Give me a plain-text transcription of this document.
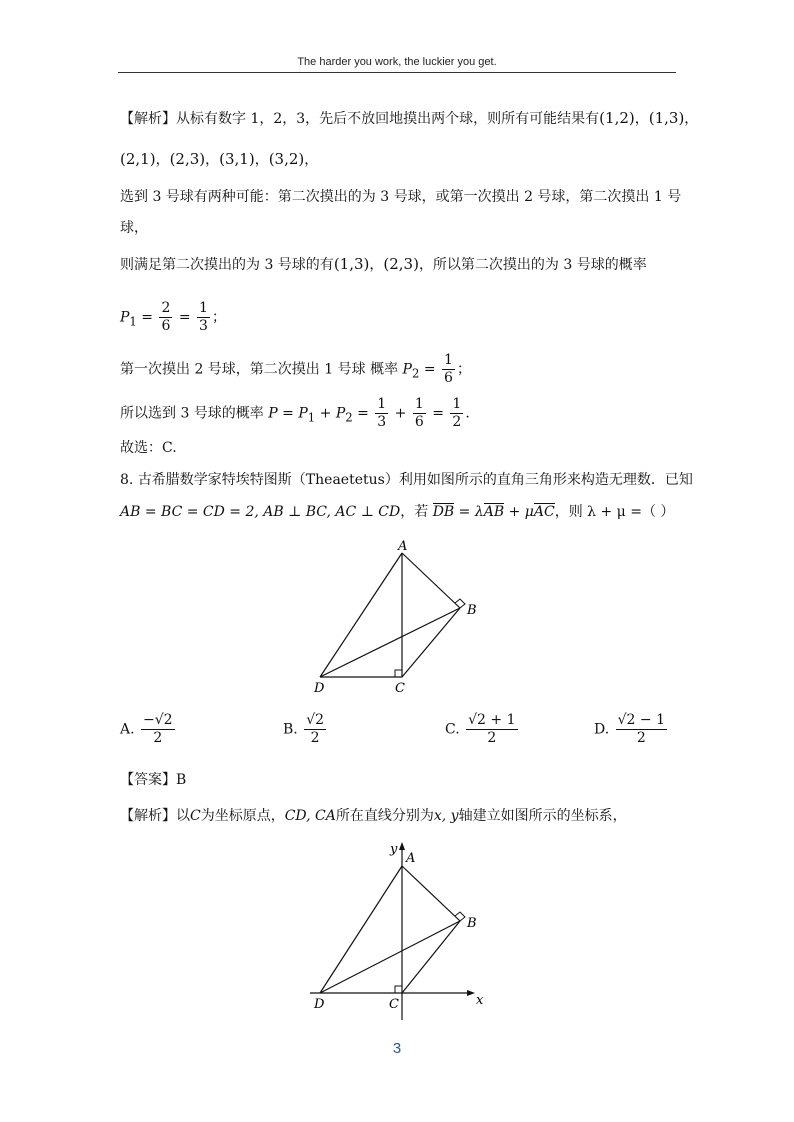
The harder you work, the luckier you get.
【解析】从标有数字 1，2，3，先后不放回地摸出两个球，则所有可能结果有(1,2)，(1,3)，
(2,1)，(2,3)，(3,1)，(3,2)，
选到 3 号球有两种可能：第二次摸出的为 3 号球，或第一次摸出 2 号球，第二次摸出 1 号
球，
则满足第二次摸出的为 3 号球的有(1,3)，(2,3)，所以第二次摸出的为 3 号球的概率
$P_1 = \frac{2}{6} = \frac{1}{3}$ ；
第一次摸出 2 号球，第二次摸出 1 号球 概率 $P_2 = \frac{1}{6}$ ；
所以选到 3 号球的概率 $P = P_1 + P_2 = \frac{1}{3} + \frac{1}{6} = \frac{1}{2}$ .
故选：C.
8. 古希腊数学家特埃特图斯（Theaetetus）利用如图所示的直角三角形来构造无理数．已知
AB = BC = CD = 2, AB ⊥ BC, AC ⊥ CD，若 DB = λAB + μAC，则 λ + μ =（ ）
A
B
C
D
A. $\frac{-√2}{2}$	B. $\frac{√2}{2}$	C. $\frac{√2 + 1}{2}$	D. $\frac{√2 - 1}{2}$
【答案】B
【解析】以C为坐标原点，CD, CA所在直线分别为x, y轴建立如图所示的坐标系，
y
A
B
C
D	x
3
